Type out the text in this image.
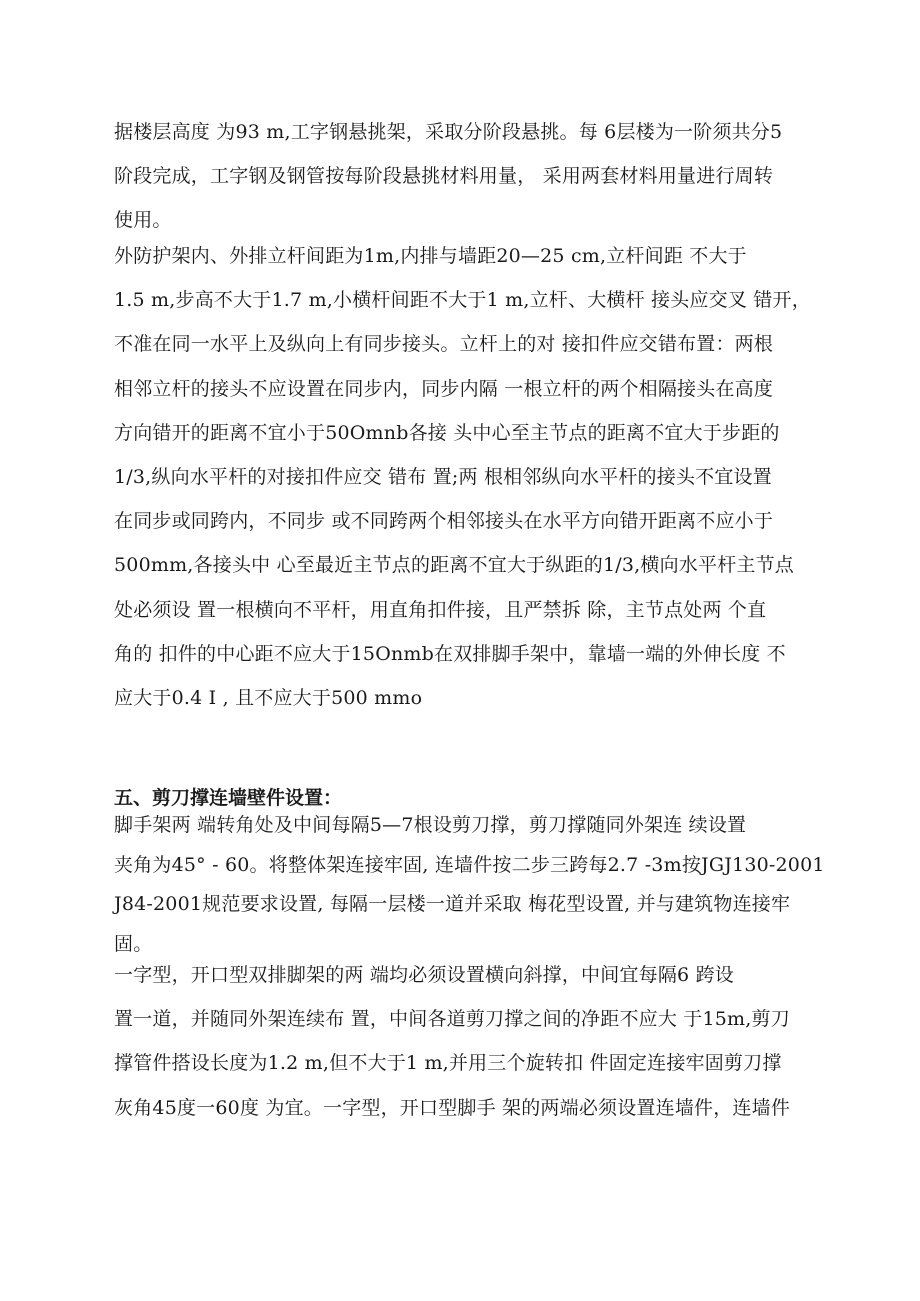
据楼层高度 为93 m,工字钢悬挑架，采取分阶段悬挑。每 6层楼为一阶须共分5
阶段完成，工字钢及钢管按每阶段悬挑材料用量， 采用两套材料用量进行周转
使用。

外防护架内、外排立杆间距为1m,内排与墙距20—25 cm,立杆间距 不大于
1.5 m,步高不大于1.7 m,小横杆间距不大于1 m,立杆、大横杆 接头应交叉 错开，
不准在同一水平上及纵向上有同步接头。立杆上的对 接扣件应交错布置：两根
相邻立杆的接头不应设置在同步内，同步内隔 一根立杆的两个相隔接头在高度
方向错开的距离不宜小于50Omnb各接 头中心至主节点的距离不宜大于步距的
1/3,纵向水平杆的对接扣件应交 错布 置;两 根相邻纵向水平杆的接头不宜设置
在同步或同跨内，不同步 或不同跨两个相邻接头在水平方向错开距离不应小于
500mm,各接头中 心至最近主节点的距离不宜大于纵距的1/3,横向水平杆主节点
处必须设 置一根横向不平杆，用直角扣件接，且严禁拆 除，主节点处两 个直
角的 扣件的中心距不应大于15Onmb在双排脚手架中，靠墙一端的外伸长度 不
应大于0.4 I , 且不应大于500 mmo

五、剪刀撑连墙壁件设置：

脚手架两 端转角处及中间每隔5—7根设剪刀撑，剪刀撑随同外架连 续设置
夹角为45° - 60。将整体架连接牢固, 连墙件按二步三跨每2.7 -3m按JGJ130-2001
J84-2001规范要求设置, 每隔一层楼一道并采取 梅花型设置, 并与建筑物连接牢
固。

一字型，开口型双排脚架的两 端均必须设置横向斜撑，中间宜每隔6 跨设
置一道，并随同外架连续布 置，中间各道剪刀撑之间的净距不应大 于15m,剪刀
撑管件搭设长度为1.2 m,但不大于1 m,并用三个旋转扣 件固定连接牢固剪刀撑
灰角45度一60度 为宜。一字型，开口型脚手 架的两端必须设置连墙件，连墙件
